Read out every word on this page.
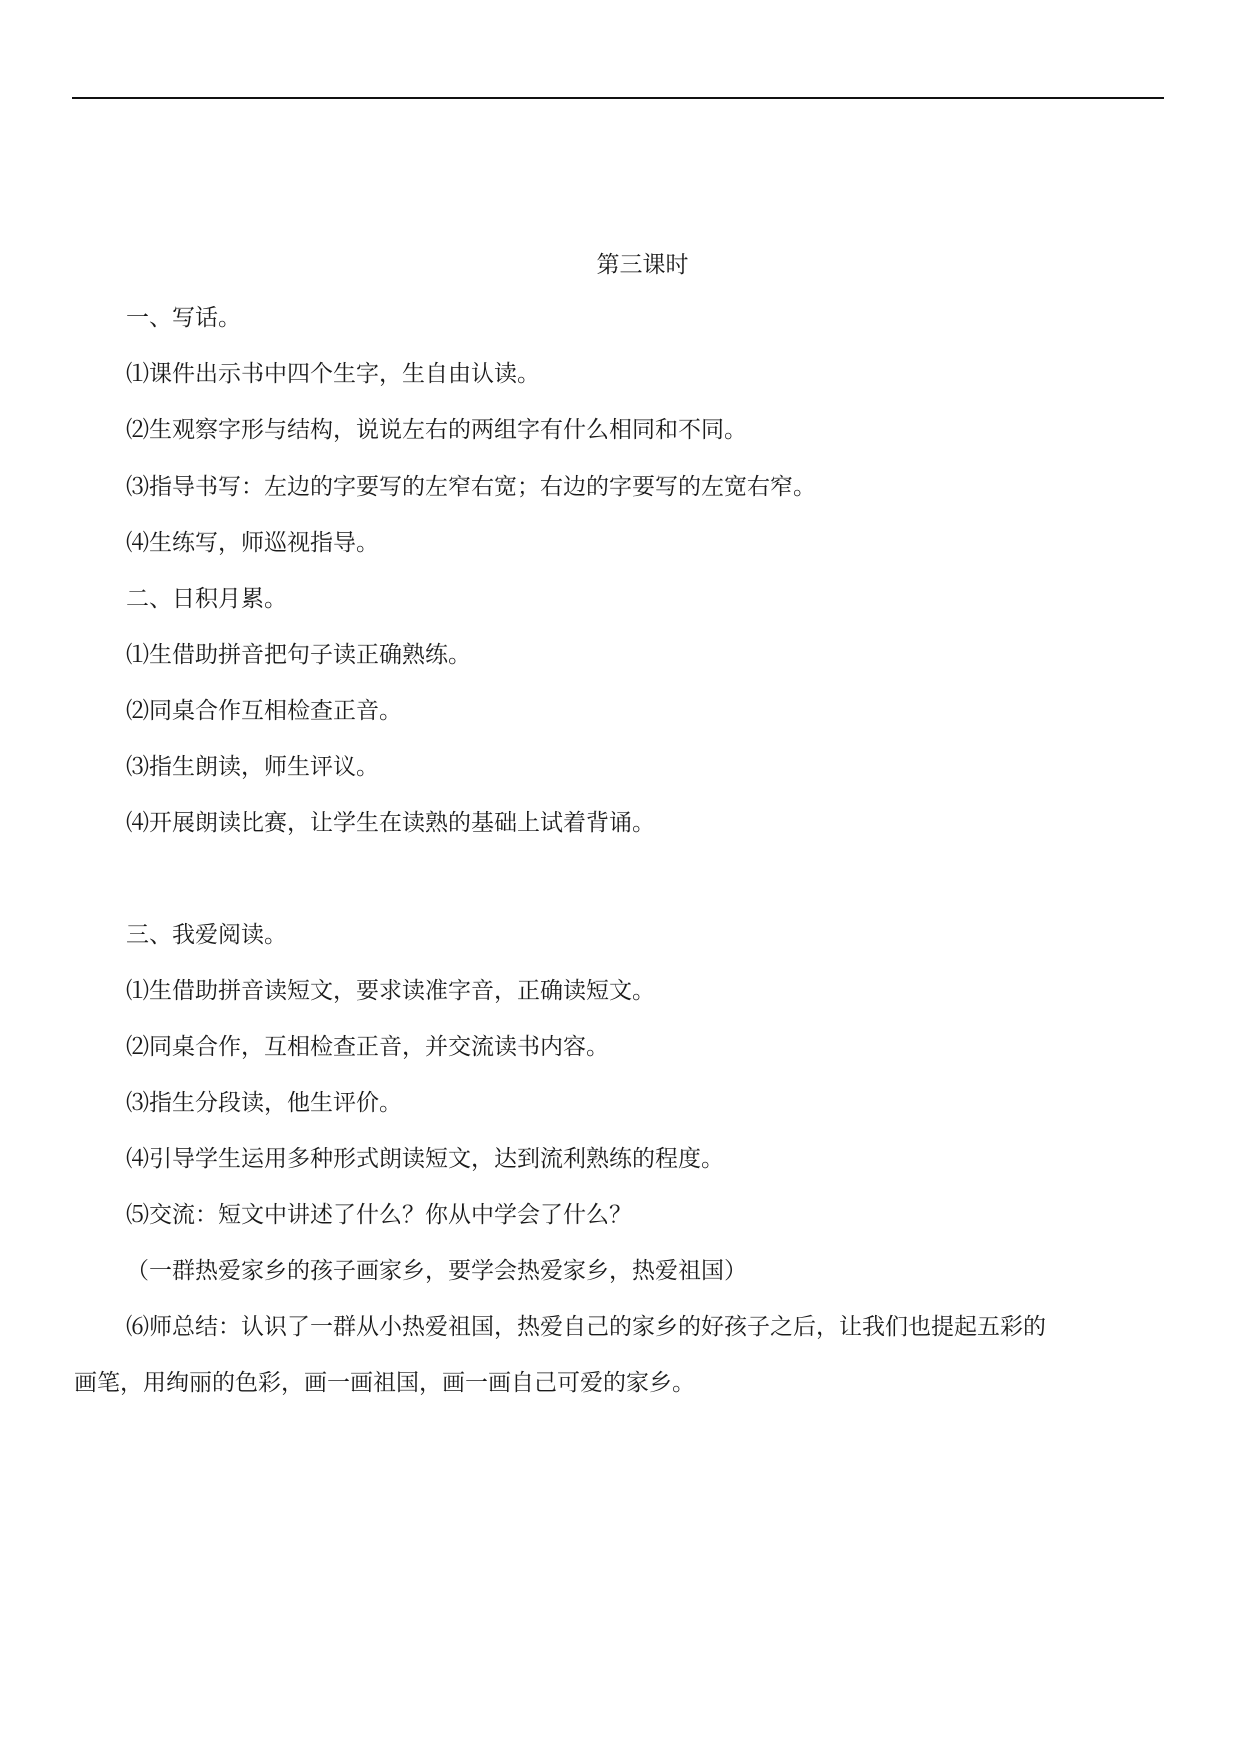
第三课时
一、写话。
⑴课件出示书中四个生字，生自由认读。
⑵生观察字形与结构，说说左右的两组字有什么相同和不同。
⑶指导书写：左边的字要写的左窄右宽；右边的字要写的左宽右窄。
⑷生练写，师巡视指导。
二、日积月累。
⑴生借助拼音把句子读正确熟练。
⑵同桌合作互相检查正音。
⑶指生朗读，师生评议。
⑷开展朗读比赛，让学生在读熟的基础上试着背诵。
三、我爱阅读。
⑴生借助拼音读短文，要求读准字音，正确读短文。
⑵同桌合作，互相检查正音，并交流读书内容。
⑶指生分段读，他生评价。
⑷引导学生运用多种形式朗读短文，达到流利熟练的程度。
⑸交流：短文中讲述了什么？你从中学会了什么？
（一群热爱家乡的孩子画家乡，要学会热爱家乡，热爱祖国）
⑹师总结：认识了一群从小热爱祖国，热爱自己的家乡的好孩子之后，让我们也提起五彩的
画笔，用绚丽的色彩，画一画祖国，画一画自己可爱的家乡。
